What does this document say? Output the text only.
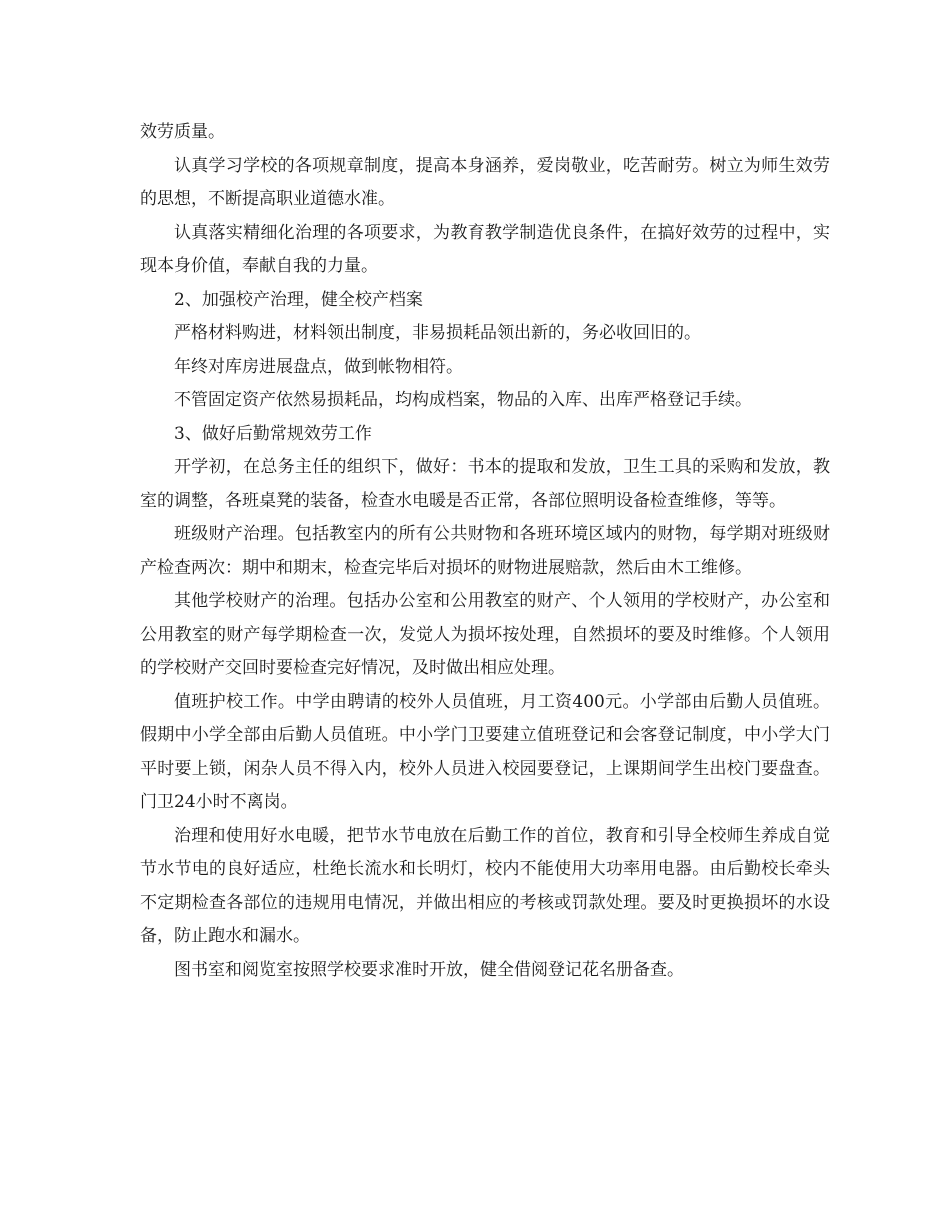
效劳质量。

认真学习学校的各项规章制度，提高本身涵养，爱岗敬业，吃苦耐劳。树立为师生效劳的思想，不断提高职业道德水准。

认真落实精细化治理的各项要求，为教育教学制造优良条件，在搞好效劳的过程中，实现本身价值，奉献自我的力量。

2、加强校产治理，健全校产档案

严格材料购进，材料领出制度，非易损耗品领出新的，务必收回旧的。

年终对库房进展盘点，做到帐物相符。

不管固定资产依然易损耗品，均构成档案，物品的入库、出库严格登记手续。

3、做好后勤常规效劳工作

开学初，在总务主任的组织下，做好：书本的提取和发放，卫生工具的采购和发放，教室的调整，各班桌凳的装备，检查水电暖是否正常，各部位照明设备检查维修，等等。

班级财产治理。包括教室内的所有公共财物和各班环境区域内的财物，每学期对班级财产检查两次：期中和期末，检查完毕后对损坏的财物进展赔款，然后由木工维修。

其他学校财产的治理。包括办公室和公用教室的财产、个人领用的学校财产，办公室和公用教室的财产每学期检查一次，发觉人为损坏按处理，自然损坏的要及时维修。个人领用的学校财产交回时要检查完好情况，及时做出相应处理。

值班护校工作。中学由聘请的校外人员值班，月工资400元。小学部由后勤人员值班。假期中小学全部由后勤人员值班。中小学门卫要建立值班登记和会客登记制度，中小学大门平时要上锁，闲杂人员不得入内，校外人员进入校园要登记，上课期间学生出校门要盘查。门卫24小时不离岗。

治理和使用好水电暖，把节水节电放在后勤工作的首位，教育和引导全校师生养成自觉节水节电的良好适应，杜绝长流水和长明灯，校内不能使用大功率用电器。由后勤校长牵头不定期检查各部位的违规用电情况，并做出相应的考核或罚款处理。要及时更换损坏的水设备，防止跑水和漏水。

图书室和阅览室按照学校要求准时开放，健全借阅登记花名册备查。
